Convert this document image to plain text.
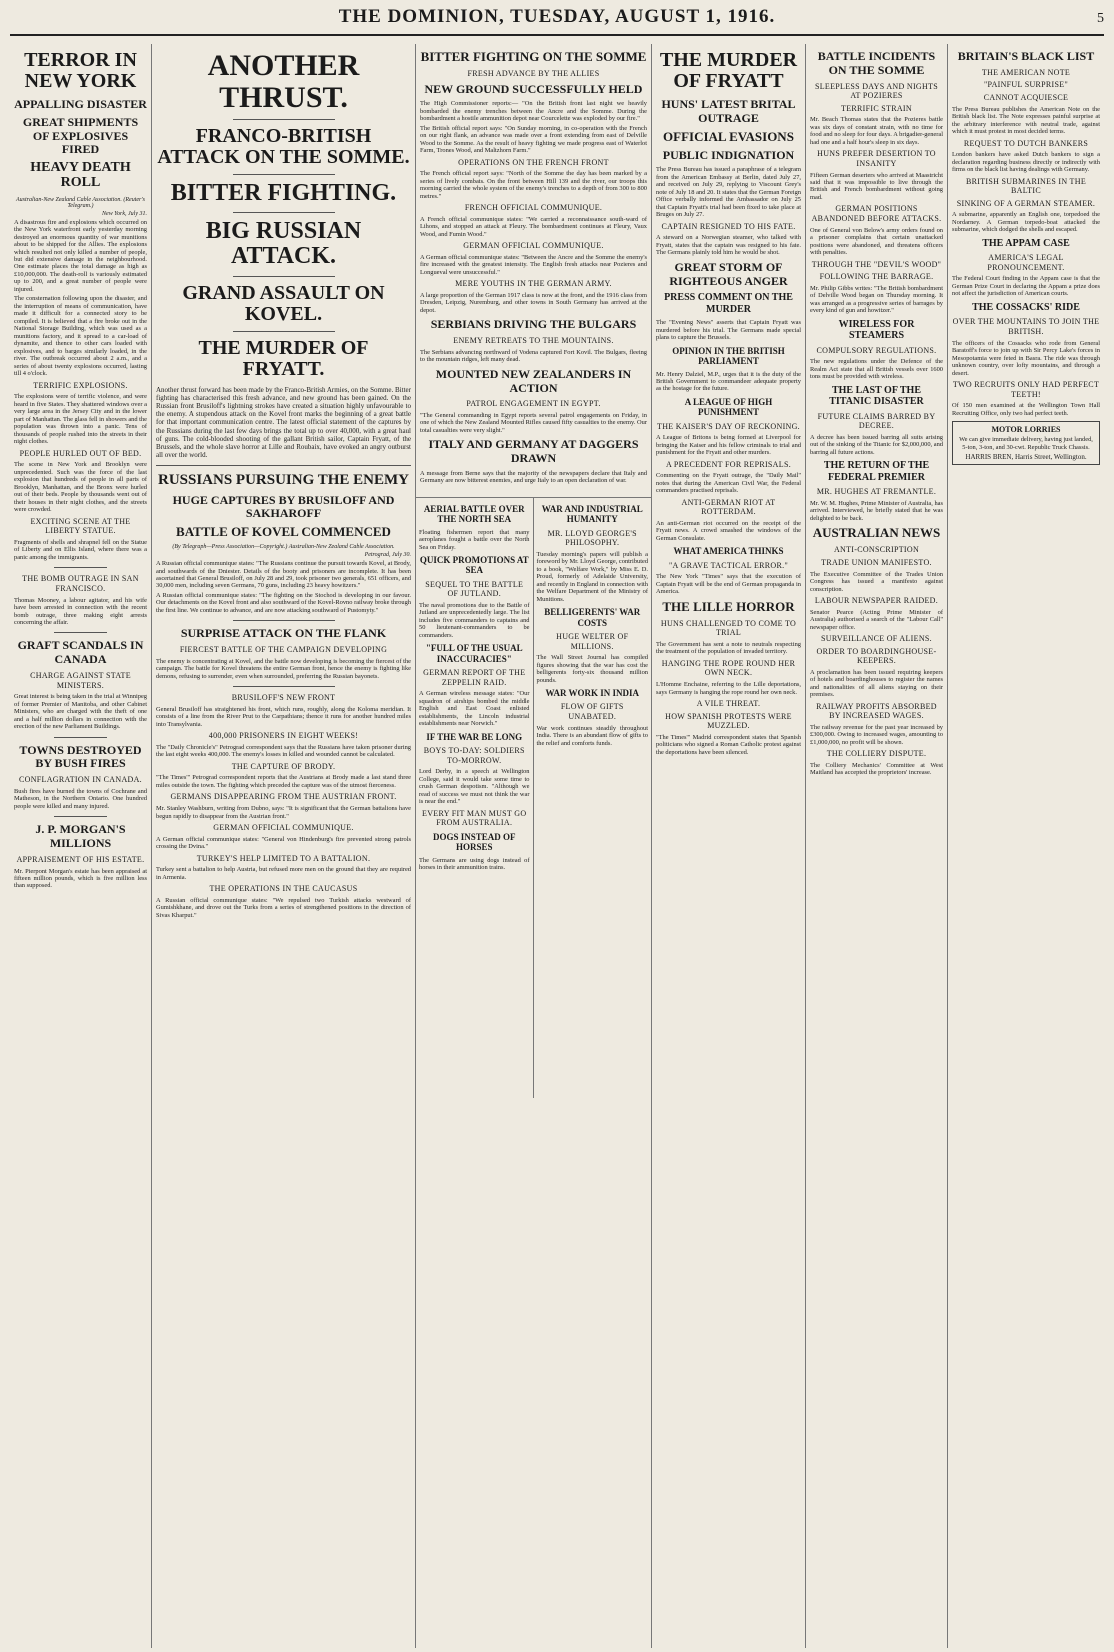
THE DOMINION, TUESDAY, AUGUST 1, 1916.	5
TERROR IN NEW YORK
APPALLING DISASTER
GREAT SHIPMENTS OF EXPLOSIVES FIRED
HEAVY DEATH ROLL
Australian-New Zealand Cable Association. (Reuter's Telegram.)
New York, July 31.

A disastrous fire and explosions which occurred on the New York waterfront early yesterday morning destroyed an enormous quantity of war munitions about to be shipped for the Allies. The explosions which resulted not only killed a number of people, but did extensive damage in the neighbourhood. One estimate places the total damage as high as £10,000,000. The death-roll is variously estimated up to 200, and a great number of people were injured.

The consternation following upon the disaster, and the interruption of means of communication, have made it difficult for a connected story to be compiled. It is believed that a fire broke out in the National Storage Building, which was used as a munitions factory, and it spread to a car-load of dynamite, and thence to other cars loaded with explosives, and to barges similarly loaded, in the river. The outbreak occurred about 2 a.m., and a series of about twenty explosions occurred, lasting till 4 o'clock.

TERRIFIC EXPLOSIONS.

The explosions were of terrific violence, and were heard in five States. They shattered windows over a very large area in the Jersey City and in the lower part of Manhattan. The glass fell in showers and the population was thrown into a panic. Tens of thousands of people rushed into the streets in their night clothes.

PEOPLE HURLED OUT OF BED.

The scene in New York and Brooklyn were unprecedented. Such was the force of the last explosion that hundreds of people in all parts of Brooklyn, Manhattan, and the Bronx were hurled out of their beds. People by thousands went out of their houses in their night clothes, and the streets were crowded.

EXCITING SCENE AT THE LIBERTY STATUE.

Fragments of shells and shrapnel fell on the Statue of Liberty and on Ellis Island, where there was a panic among the immigrants.

THE BOMB OUTRAGE IN SAN FRANCISCO.

Thomas Mooney, a labour agitator, and his wife have been arrested in connection with the recent bomb outrage, three making eight arrests concerning the affair.

GRAFT SCANDALS IN CANADA
CHARGE AGAINST STATE MINISTERS.

Great interest is being taken in the trial at Winnipeg of former Premier of Manitoba, and other Cabinet Ministers, who are charged with the theft of one and a half million dollars in connection with the erection of the new Parliament Buildings.

TOWNS DESTROYED BY BUSH FIRES
CONFLAGRATION IN CANADA.

Bush fires have burned the towns of Cochrane and Matheson, in the Northern Ontario. One hundred people were killed and many injured.

J. P. MORGAN'S MILLIONS
APPRAISEMENT OF HIS ESTATE.

Mr. Pierpont Morgan's estate has been appraised at fifteen million pounds, which is five million less than supposed.

ANOTHER THRUST.
FRANCO-BRITISH ATTACK ON THE SOMME.
BITTER FIGHTING.
BIG RUSSIAN ATTACK.
GRAND ASSAULT ON KOVEL.
THE MURDER OF FRYATT.

Another thrust forward has been made by the Franco-British Armies, on the Somme. Bitter fighting has characterised this fresh advance, and new ground has been gained. On the Russian front Brusiloff's lightning strokes have created a situation highly unfavourable to the enemy. A stupendous attack on the Kovel front marks the beginning of a great battle for that important communication centre. The latest official statement of the captures by the Russians during the last few days brings the total up to over 40,000, with a great haul of guns. The cold-blooded shooting of the gallant British sailor, Captain Fryatt, of the Brussels, and the whole slave horror at Lille and Roubaix, have evoked an angry outburst all over the world.

RUSSIANS PURSUING THE ENEMY
HUGE CAPTURES BY BRUSILOFF AND SAKHAROFF
BATTLE OF KOVEL COMMENCED
(By Telegraph—Press Association—Copyright.) Australian-New Zealand Cable Association.
Petrograd, July 30.

A Russian official communique states: "The Russians continue the pursuit towards Kovel, at Brody, and southwards of the Dniester. Details of the booty and prisoners are incomplete. It has been ascertained that General Brusiloff, on July 28 and 29, took prisoner two generals, 651 officers, and 30,000 men, including seven Germans, 70 guns, including 23 heavy howitzers."

A Russian official communique states: "The fighting on the Stochod is developing in our favour. Our detachments on the Kovel front and also southward of the Kovel-Rovno railway broke through the first line. We continue to advance, and are now attacking southward of Pustomyty."

SURPRISE ATTACK ON THE FLANK
FIERCEST BATTLE OF THE CAMPAIGN DEVELOPING

The enemy is concentrating at Kovel, and the battle now developing is becoming the fiercest of the campaign. The battle for Kovel threatens the entire German front, hence the enemy is fighting like demons, refusing to surrender, even when surrounded, preferring the Russian bayonets.

BRUSILOFF'S NEW FRONT

General Brusiloff has straightened his front, which runs, roughly, along the Koloma meridian. It consists of a line from the River Prut to the Carpathians; thence it runs for another hundred miles into Transylvania.

400,000 PRISONERS IN EIGHT WEEKS!

The "Daily Chronicle's" Petrograd correspondent says that the Russians have taken prisoner during the last eight weeks 400,000. The enemy's losses in killed and wounded cannot be calculated.

THE CAPTURE OF BRODY.

"The Times'" Petrograd correspondent reports that the Austrians at Brody made a last stand three miles outside the town. The fighting which preceded the capture was of the utmost fierceness.

GERMANS DISAPPEARING FROM THE AUSTRIAN FRONT.

Mr. Stanley Washburn, writing from Dubno, says: "It is significant that the German battalions have begun rapidly to disappear from the Austrian front."

GERMAN OFFICIAL COMMUNIQUE.

A German official communique states: "General von Hindenburg's fire prevented strong patrols crossing the Dvina."

TURKEY'S HELP LIMITED TO A BATTALION.

Turkey sent a battalion to help Austria, but refused more men on the ground that they are required in Armenia.

THE OPERATIONS IN THE CAUCASUS

A Russian official communique states: "We repulsed two Turkish attacks westward of Gumishkhane, and drove out the Turks from a series of strengthened positions in the direction of Sivas Kharput."

BITTER FIGHTING ON THE SOMME
FRESH ADVANCE BY THE ALLIES
NEW GROUND SUCCESSFULLY HELD

The High Commissioner reports:— "On the British front last night we heavily bombarded the enemy trenches between the Ancre and the Somme. During the bombardment a hostile ammunition depot near Courcelette was exploded by our fire."

The British official report says: "On Sunday morning, in co-operation with the French on our right flank, an advance was made over a front extending from east of Delville Wood to the Somme. As the result of heavy fighting we made progress east of Waterlot Farm, Trones Wood, and Maltzhorn Farm."

OPERATIONS ON THE FRENCH FRONT

The French official report says: "North of the Somme the day has been marked by a series of lively combats. On the front between Hill 139 and the river, our troops this morning carried the whole system of the enemy's trenches to a depth of from 300 to 800 metres."

FRENCH OFFICIAL COMMUNIQUE.

A French official communique states: "We carried a reconnaissance south-ward of Lihons, and stopped an attack at Fleury. The bombardment continues at Fleury, Vaux Wood, and Fumin Wood."

GERMAN OFFICIAL COMMUNIQUE.

A German official communique states: "Between the Ancre and the Somme the enemy's fire increased with the greatest intensity. The English fresh attacks near Pozieres and Longueval were unsuccessful."

MERE YOUTHS IN THE GERMAN ARMY.

A large proportion of the German 1917 class is now at the front, and the 1916 class from Dresden, Leipzig, Nuremburg, and other towns in South Germany has arrived at the depot.

SERBIANS DRIVING THE BULGARS
ENEMY RETREATS TO THE MOUNTAINS.

The Serbians advancing northward of Vodena captured Fort Kovil. The Bulgars, fleeing to the mountain ridges, left many dead.

MOUNTED NEW ZEALANDERS IN ACTION
PATROL ENGAGEMENT IN EGYPT.

"The General commanding in Egypt reports several patrol engagements on Friday, in one of which the New Zealand Mounted Rifles caused fifty casualties to the enemy. Our total casualties were very slight."

ITALY AND GERMANY AT DAGGERS DRAWN

A message from Berne says that the majority of the newspapers declare that Italy and Germany are now bitterest enemies, and urge Italy to an open declaration of war.

AERIAL BATTLE OVER THE NORTH SEA

Floating fishermen report that many aeroplanes fought a battle over the North Sea on Friday.

QUICK PROMOTIONS AT SEA
SEQUEL TO THE BATTLE OF JUTLAND.

The naval promotions due to the Battle of Jutland are unprecedentedly large. The list includes five commanders to captains and 50 lieutenant-commanders to be commanders.

"FULL OF THE USUAL INACCURACIES"
GERMAN REPORT OF THE ZEPPELIN RAID.

A German wireless message states: "Our squadron of airships bombed the middle English and East Coast enlisted establishments, the Lincoln industrial establishments near Norwich."

IF THE WAR BE LONG
BOYS TO-DAY: SOLDIERS TO-MORROW.

Lord Derby, in a speech at Wellington College, said it would take some time to crush German despotism. "Although we read of success we must not think the war is near the end."

EVERY FIT MAN MUST GO FROM AUSTRALIA.
DOGS INSTEAD OF HORSES

The Germans are using dogs instead of horses in their ammunition trains.

WAR AND INDUSTRIAL HUMANITY
MR. LLOYD GEORGE'S PHILOSOPHY.

Tuesday morning's papers will publish a foreword by Mr. Lloyd George, contributed to a book, "Welfare Work," by Miss E. D. Proud, formerly of Adelaide University, and recently in England in connection with the Welfare Department of the Ministry of Munitions.

BELLIGERENTS' WAR COSTS
HUGE WELTER OF MILLIONS.

The Wall Street Journal has compiled figures showing that the war has cost the belligerents forty-six thousand million pounds.

WAR WORK IN INDIA
FLOW OF GIFTS UNABATED.

War work continues steadily throughout India. There is an abundant flow of gifts to the relief and comforts funds.

THE MURDER OF FRYATT
HUNS' LATEST BRITAL OUTRAGE
OFFICIAL EVASIONS
PUBLIC INDIGNATION

The Press Bureau has issued a paraphrase of a telegram from the American Embassy at Berlin, dated July 27, and received on July 29, replying to Viscount Grey's note of July 18 and 20. It states that the German Foreign Office verbally informed the Ambassador on July 25 that Captain Fryatt's trial had been fixed to take place at Bruges on July 27.

CAPTAIN RESIGNED TO HIS FATE.

A steward on a Norwegian steamer, who talked with Fryatt, states that the captain was resigned to his fate. The Germans plainly told him he would be shot.

GREAT STORM OF RIGHTEOUS ANGER
PRESS COMMENT ON THE MURDER

The "Evening News" asserts that Captain Fryatt was murdered before his trial. The Germans made special plans to capture the Brussels.

OPINION IN THE BRITISH PARLIAMENT

Mr. Henry Dalziel, M.P., urges that it is the duty of the British Government to commandeer adequate property as the hostage for the future.

A LEAGUE OF HIGH PUNISHMENT
THE KAISER'S DAY OF RECKONING.

A League of Britons is being formed at Liverpool for bringing the Kaiser and his fellow criminals to trial and punishment for the Fryatt and other murders.

A PRECEDENT FOR REPRISALS.

Commenting on the Fryatt outrage, the "Daily Mail" notes that during the American Civil War, the Federal commanders practised reprisals.

ANTI-GERMAN RIOT AT ROTTERDAM.

An anti-German riot occurred on the receipt of the Fryatt news. A crowd smashed the windows of the German Consulate.

WHAT AMERICA THINKS
"A GRAVE TACTICAL ERROR."

The New York "Times" says that the execution of Captain Fryatt will be the end of German propaganda in America.

THE LILLE HORROR
HUNS CHALLENGED TO COME TO TRIAL

The Government has sent a note to neutrals respecting the treatment of the population of invaded territory.

HANGING THE ROPE ROUND HER OWN NECK.

L'Homme Enchaine, referring to the Lille deportations, says Germany is hanging the rope round her own neck.

A VILE THREAT.
HOW SPANISH PROTESTS WERE MUZZLED.

"The Times'" Madrid correspondent states that Spanish politicians who signed a Roman Catholic protest against the deportations have been silenced.

BATTLE INCIDENTS ON THE SOMME
SLEEPLESS DAYS AND NIGHTS AT POZIERES
TERRIFIC STRAIN

Mr. Beach Thomas states that the Pozieres battle was six days of constant strain, with no time for food and no sleep for four days. A brigadier-general had one and a half hour's sleep in six days.

HUNS PREFER DESERTION TO INSANITY

Fifteen German deserters who arrived at Maastricht said that it was impossible to live through the British and French bombardment without going mad.

GERMAN POSITIONS ABANDONED BEFORE ATTACKS.

One of General von Below's army orders found on a prisoner complains that certain unattacked positions were abandoned, and threatens officers with penalties.

THROUGH THE "DEVIL'S WOOD"
FOLLOWING THE BARRAGE.

Mr. Philip Gibbs writes: "The British bombardment of Delville Wood began on Thursday morning. It was arranged as a progressive series of barrages by every kind of gun and howitzer."

WIRELESS FOR STEAMERS
COMPULSORY REGULATIONS.

The new regulations under the Defence of the Realm Act state that all British vessels over 1600 tons must be provided with wireless.

THE LAST OF THE TITANIC DISASTER
FUTURE CLAIMS BARRED BY DECREE.

A decree has been issued barring all suits arising out of the sinking of the Titanic for $2,000,000, and barring all future actions.

THE RETURN OF THE FEDERAL PREMIER
MR. HUGHES AT FREMANTLE.

Mr. W. M. Hughes, Prime Minister of Australia, has arrived. Interviewed, he briefly stated that he was delighted to be back.

AUSTRALIAN NEWS
ANTI-CONSCRIPTION
TRADE UNION MANIFESTO.

The Executive Committee of the Trades Union Congress has issued a manifesto against conscription.

LABOUR NEWSPAPER RAIDED.

Senator Pearce (Acting Prime Minister of Australia) authorised a search of the "Labour Call" newspaper office.

SURVEILLANCE OF ALIENS.
ORDER TO BOARDINGHOUSE-KEEPERS.

A proclamation has been issued requiring keepers of hotels and boardinghouses to register the names and nationalities of all aliens staying on their premises.

RAILWAY PROFITS ABSORBED BY INCREASED WAGES.

The railway revenue for the past year increased by £300,000. Owing to increased wages, amounting to £1,000,000, no profit will be shown.

THE COLLIERY DISPUTE.

The Colliery Mechanics' Committee at West Maitland has accepted the proprietors' increase.

BRITAIN'S BLACK LIST
THE AMERICAN NOTE
"PAINFUL SURPRISE"
CANNOT ACQUIESCE

The Press Bureau publishes the American Note on the British black list. The Note expresses painful surprise at the arbitrary interference with neutral trade, against which it must protest in most decided terms.

REQUEST TO DUTCH BANKERS

London bankers have asked Dutch bankers to sign a declaration regarding business directly or indirectly with firms on the black list having dealings with Germany.

BRITISH SUBMARINES IN THE BALTIC
SINKING OF A GERMAN STEAMER.

A submarine, apparently an English one, torpedoed the Nordarney. A German torpedo-boat attacked the submarine, which dodged the shells and escaped.

THE APPAM CASE
AMERICA'S LEGAL PRONOUNCEMENT.

The Federal Court finding in the Appam case is that the German Prize Court in declaring the Appam a prize does not affect the jurisdiction of American courts.

THE COSSACKS' RIDE
OVER THE MOUNTAINS TO JOIN THE BRITISH.

The officers of the Cossacks who rode from General Baratoff's force to join up with Sir Percy Lake's forces in Mesopotamia were feted in Basra. The ride was through unknown country, over lofty mountains, and through a desert.

TWO RECRUITS ONLY HAD PERFECT TEETH!

Of 150 men examined at the Wellington Town Hall Recruiting Office, only two had perfect teeth.

MOTOR LORRIES
We can give immediate delivery, having just landed, 5-ton, 3-ton, and 30-cwt. Republic Truck Chassis.
HARRIS BREN, Harris Street, Wellington.
